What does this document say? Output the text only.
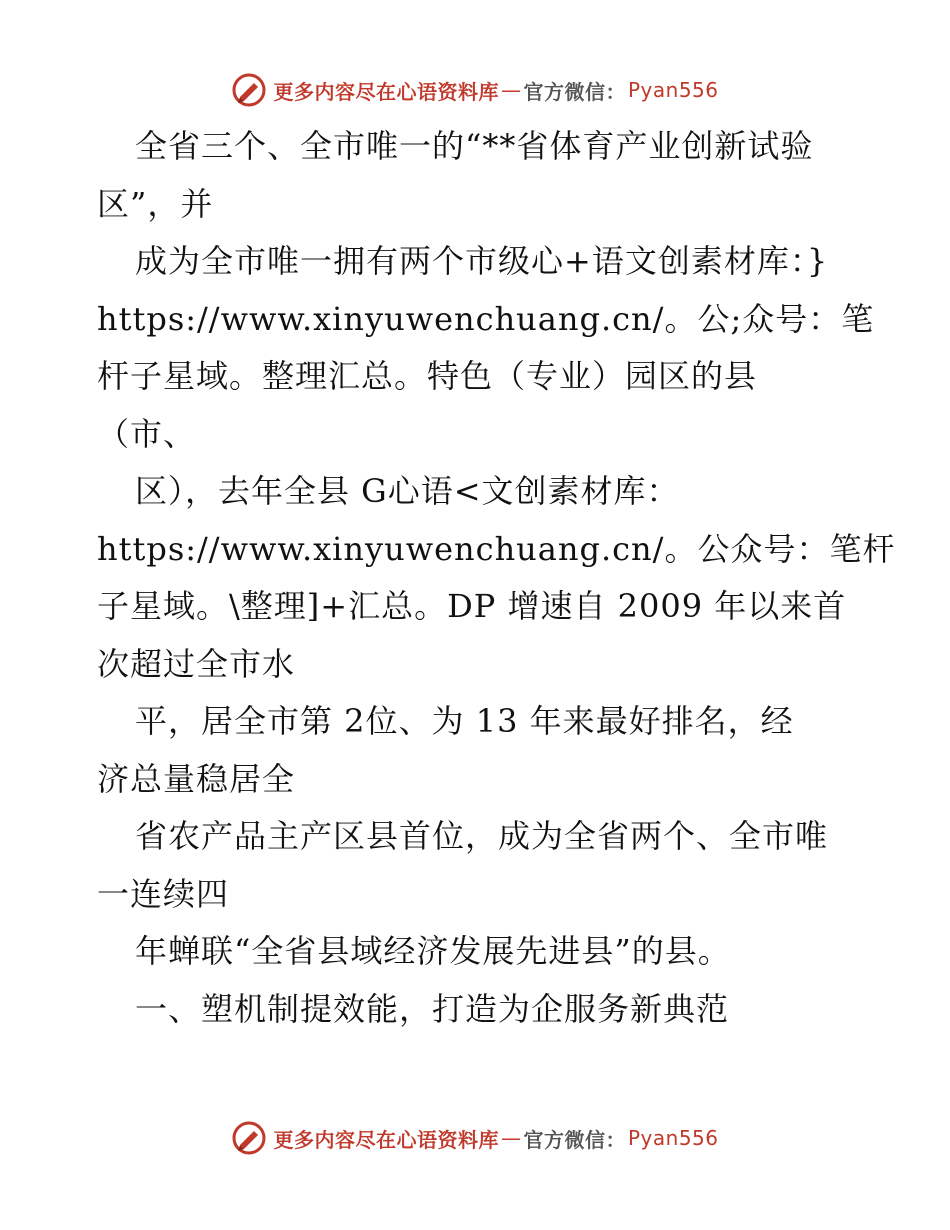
更多内容尽在心语资料库 — 官方微信： Pyan556
全省三个、全市唯一的“**省体育产业创新试验
区”，并
成为全市唯一拥有两个市级心+语文创素材库：}
https://www.xinyuwenchuang.cn/。公;众号：笔
杆子星域。整理汇总。特色（专业）园区的县
（市、
区），去年全县 G心语<文创素材库：
https://www.xinyuwenchuang.cn/。公众号：笔杆
子星域。\整理]+汇总。DP 增速自 2009 年以来首
次超过全市水
平，居全市第 2位、为 13 年来最好排名，经
济总量稳居全
省农产品主产区县首位，成为全省两个、全市唯
一连续四
年蝉联“全省县域经济发展先进县”的县。
一、塑机制提效能，打造为企服务新典范
更多内容尽在心语资料库 — 官方微信： Pyan556
